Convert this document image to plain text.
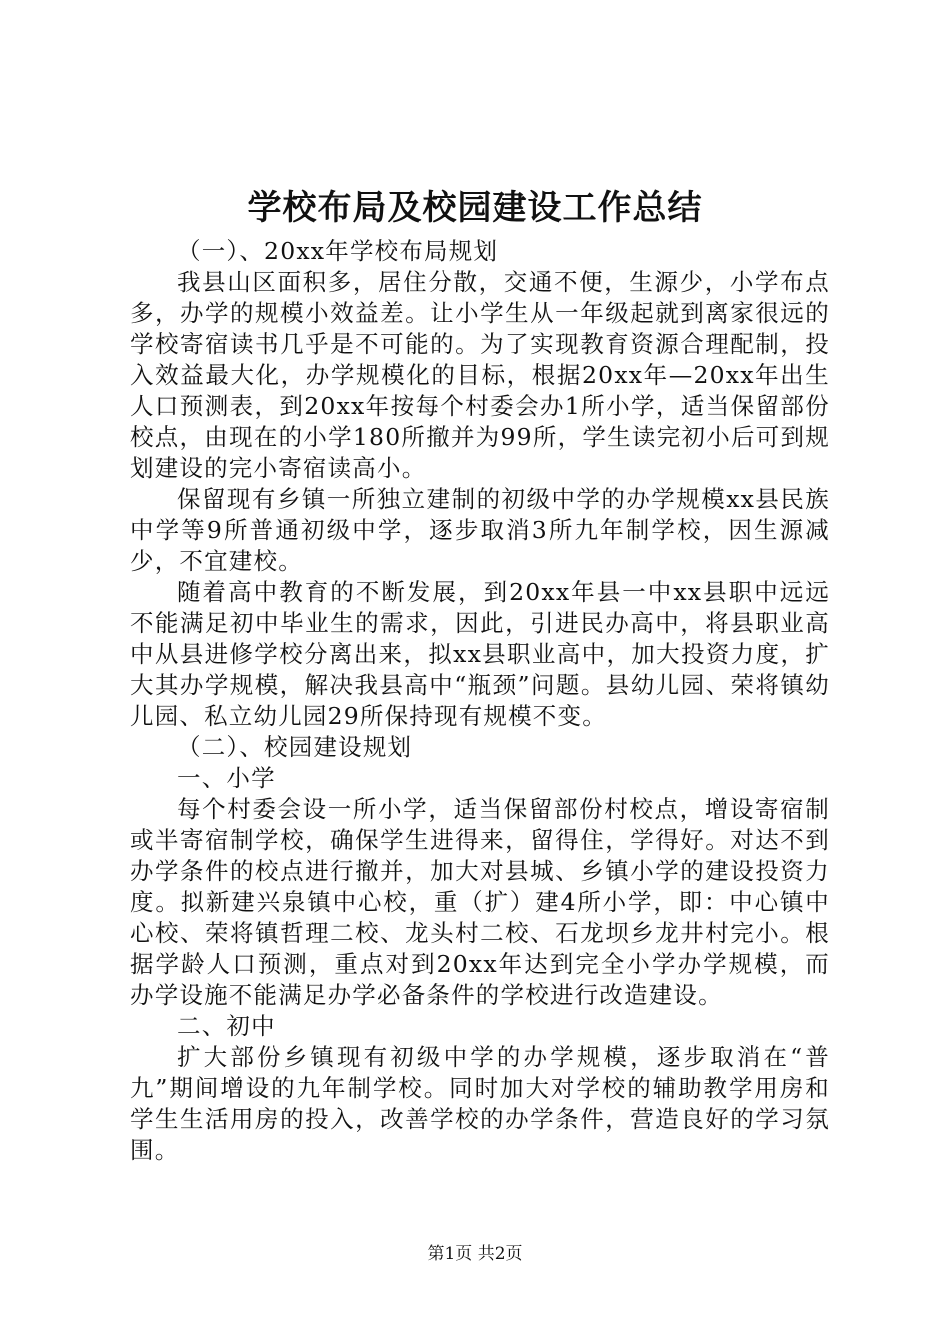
学校布局及校园建设工作总结

（一）、20xx年学校布局规划

我县山区面积多，居住分散，交通不便，生源少，小学布点多，办学的规模小效益差。让小学生从一年级起就到离家很远的学校寄宿读书几乎是不可能的。为了实现教育资源合理配制，投入效益最大化，办学规模化的目标，根据20xx年—20xx年出生人口预测表，到20xx年按每个村委会办1所小学，适当保留部份校点，由现在的小学180所撤并为99所，学生读完初小后可到规划建设的完小寄宿读高小。

保留现有乡镇一所独立建制的初级中学的办学规模xx县民族中学等9所普通初级中学，逐步取消3所九年制学校，因生源减少，不宜建校。

随着高中教育的不断发展，到20xx年县一中xx县职中远远不能满足初中毕业生的需求，因此，引进民办高中，将县职业高中从县进修学校分离出来，拟xx县职业高中，加大投资力度，扩大其办学规模，解决我县高中“瓶颈”问题。县幼儿园、荣将镇幼儿园、私立幼儿园29所保持现有规模不变。

（二）、校园建设规划

一、小学

每个村委会设一所小学，适当保留部份村校点，增设寄宿制或半寄宿制学校，确保学生进得来，留得住，学得好。对达不到办学条件的校点进行撤并，加大对县城、乡镇小学的建设投资力度。拟新建兴泉镇中心校，重（扩）建4所小学，即：中心镇中心校、荣将镇哲理二校、龙头村二校、石龙坝乡龙井村完小。根据学龄人口预测，重点对到20xx年达到完全小学办学规模，而办学设施不能满足办学必备条件的学校进行改造建设。

二、初中

扩大部份乡镇现有初级中学的办学规模，逐步取消在“普九”期间增设的九年制学校。同时加大对学校的辅助教学用房和学生生活用房的投入，改善学校的办学条件，营造良好的学习氛围。

第1页 共2页
